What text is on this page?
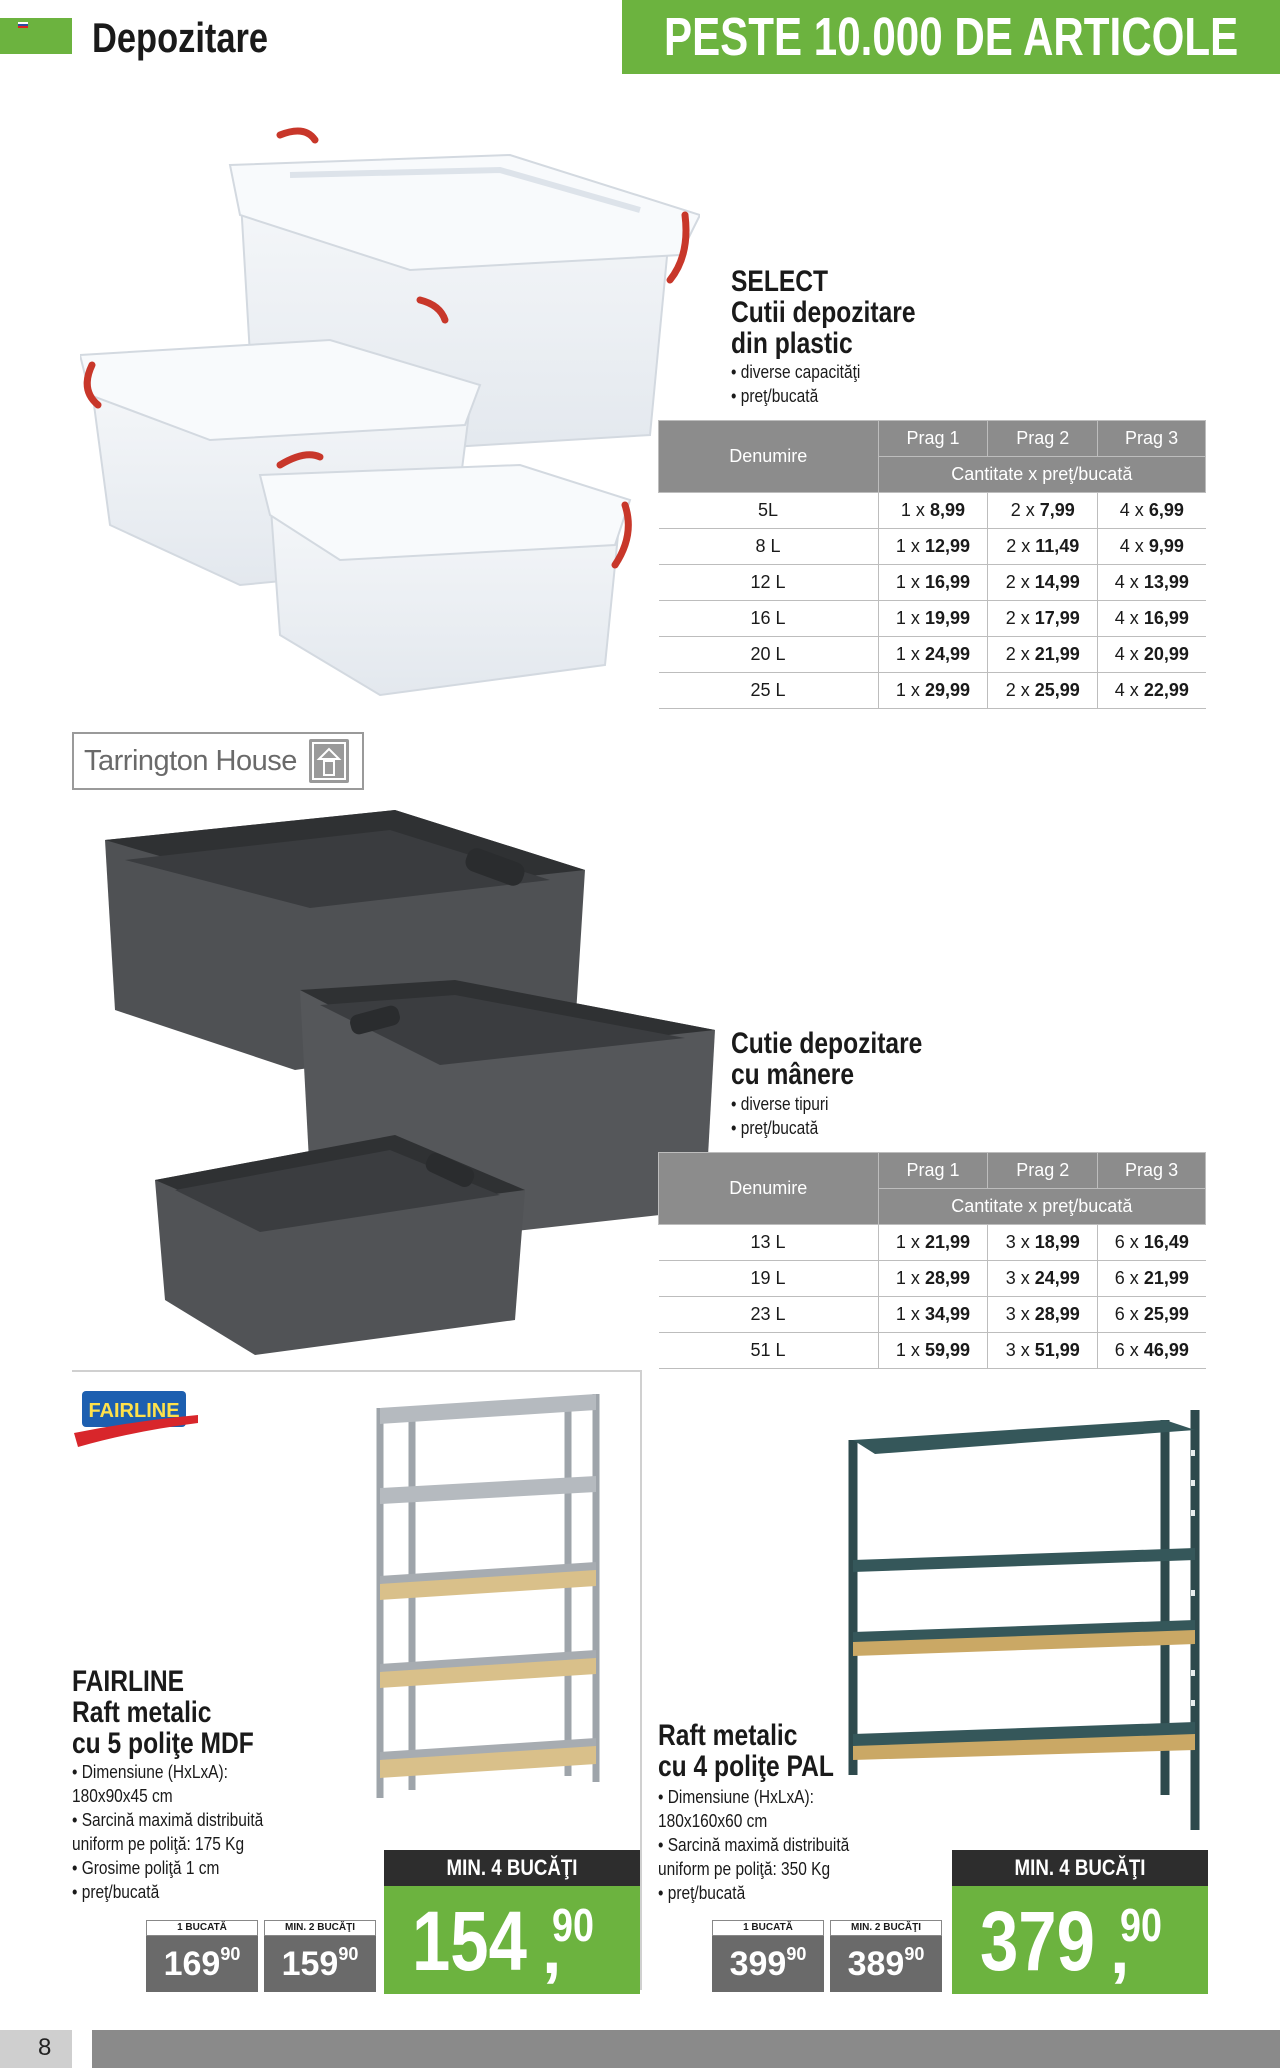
Depozitare	PESTE 10.000 DE ARTICOLE
SELECT
Cutii depozitare
din plastic
• diverse capacităţi
• preţ/bucată
Denumire	Prag 1	Prag 2	Prag 3
	Cantitate x preţ/bucată		
5L	1 x 8,99	2 x 7,99	4 x 6,99
8 L	1 x 12,99	2 x 11,49	4 x 9,99
12 L	1 x 16,99	2 x 14,99	4 x 13,99
16 L	1 x 19,99	2 x 17,99	4 x 16,99
20 L	1 x 24,99	2 x 21,99	4 x 20,99
25 L	1 x 29,99	2 x 25,99	4 x 22,99
Tarrington House
Cutie depozitare
cu mânere
• diverse tipuri
• preţ/bucată
Denumire	Prag 1	Prag 2	Prag 3
	Cantitate x preţ/bucată		
13 L	1 x 21,99	3 x 18,99	6 x 16,49
19 L	1 x 28,99	3 x 24,99	6 x 21,99
23 L	1 x 34,99	3 x 28,99	6 x 25,99
51 L	1 x 59,99	3 x 51,99	6 x 46,99
FAIRLINE
FAIRLINE
Raft metalic
cu 5 poliţe MDF
• Dimensiune (HxLxA):
180x90x45 cm
• Sarcină maximă distribuită
uniform pe poliţă: 175 Kg
• Grosime poliţă 1 cm
• preţ/bucată
1 BUCATĂ
$169^{90}$
MIN. 2 BUCĂŢI
$159^{90}$
MIN. 4 BUCĂŢI
154 90
,
Raft metalic
cu 4 poliţe PAL
• Dimensiune (HxLxA):
180x160x60 cm
• Sarcină maximă distribuită
uniform pe poliţă: 350 Kg
• preţ/bucată
1 BUCATĂ
$399^{90}$
MIN. 2 BUCĂŢI
$389^{90}$
MIN. 4 BUCĂŢI
379 90
,
8
